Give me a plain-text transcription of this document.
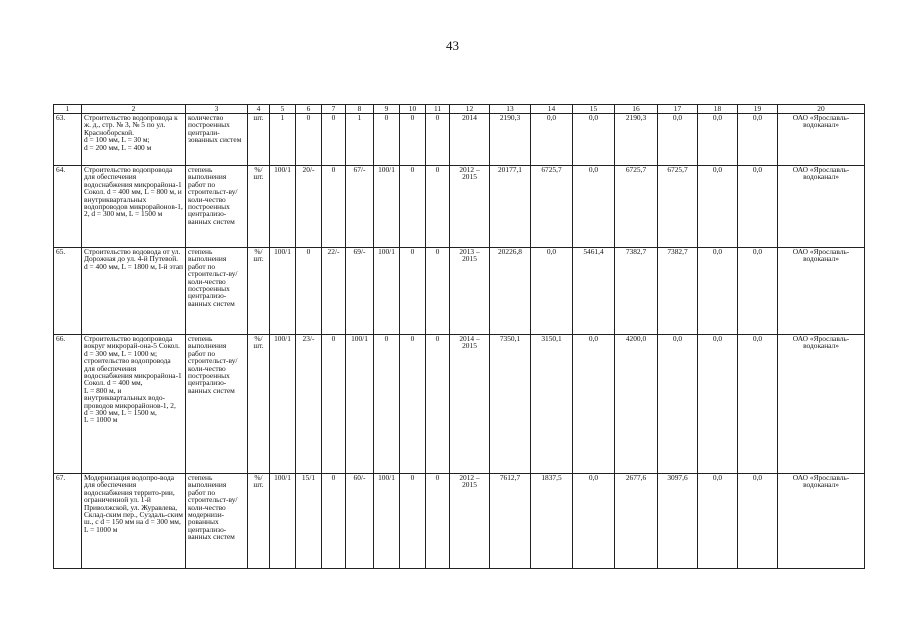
43
1	2	3	4	5	6	7	8	9	10	11	12	13	14	15	16	17	18	19	20
63.	Строительство водопровода к ж. д., стр. № 3, № 5 по ул. Красноборской.
d = 100 мм, L = 30 м;
d = 200 мм, L = 400 м	количество построенных централи-зованных систем	шт.	1	0	0	1	0	0	0	2014	2190,3	0,0	0,0	2190,3	0,0	0,0	0,0	ОАО «Ярославль-водоканал»
64.	Строительство водопровода для обеспечения водоснабжения микрорайона-1 Сокол. d = 400 мм, L = 800 м, и внутриквартальных водопроводов микрорайонов-1, 2, d = 300 мм, L = 1500 м	степень выполнения работ по строительст-ву/ коли-чество построенных централизо-ванных систем	%/ шт.	100/1	20/-	0	67/-	100/1	0	0	2012 – 2015	20177,1	6725,7	0,0	6725,7	6725,7	0,0	0,0	ОАО «Ярославль-водоканал»
65.	Строительство водовода от ул. Дорожная до ул. 4-й Путевой.
d = 400 мм, L = 1800 м, I-й этап	степень выполнения работ по строительст-ву/ коли-чество построенных централизо-ванных систем	%/ шт.	100/1	0	22/-	69/-	100/1	0	0	2013 – 2015	20226,8	0,0	5461,4	7382,7	7382,7	0,0	0,0	ОАО «Ярославль-водоканал»
66.	Строительство водопровода вокруг микрорай-она-5 Сокол. d = 300 мм, L = 1000 м; строительство водопровода для обеспечения водоснабжения микрорайона-1 Сокол. d = 400 мм,
L = 800 м, и внутриквартальных водо-проводов микрорайонов-1, 2,
d = 300 мм, L = 1500 м,
L = 1000 м	степень выполнения работ по строительст-ву/ коли-чество построенных централизо-ванных систем	%/ шт.	100/1	23/-	0	100/1	0	0	0	2014 – 2015	7350,1	3150,1	0,0	4200,0	0,0	0,0	0,0	ОАО «Ярославль-водоканал»
67.	Модернизация водопро-вода для обеспечения водоснабжения террито-рии, ограниченной ул. 1-й Приволжской, ул. Журавлева, Склад-ским пер., Суздаль-ским ш., с d = 150 мм на d = 300 мм, L = 1000 м	степень выполнения работ по строительст-ву/ коли-чество модернизи-рованных централизо-ванных систем	%/ шт.	100/1	15/1	0	60/-	100/1	0	0	2012 – 2015	7612,7	1837,5	0,0	2677,6	3097,6	0,0	0,0	ОАО «Ярославль-водоканал»
